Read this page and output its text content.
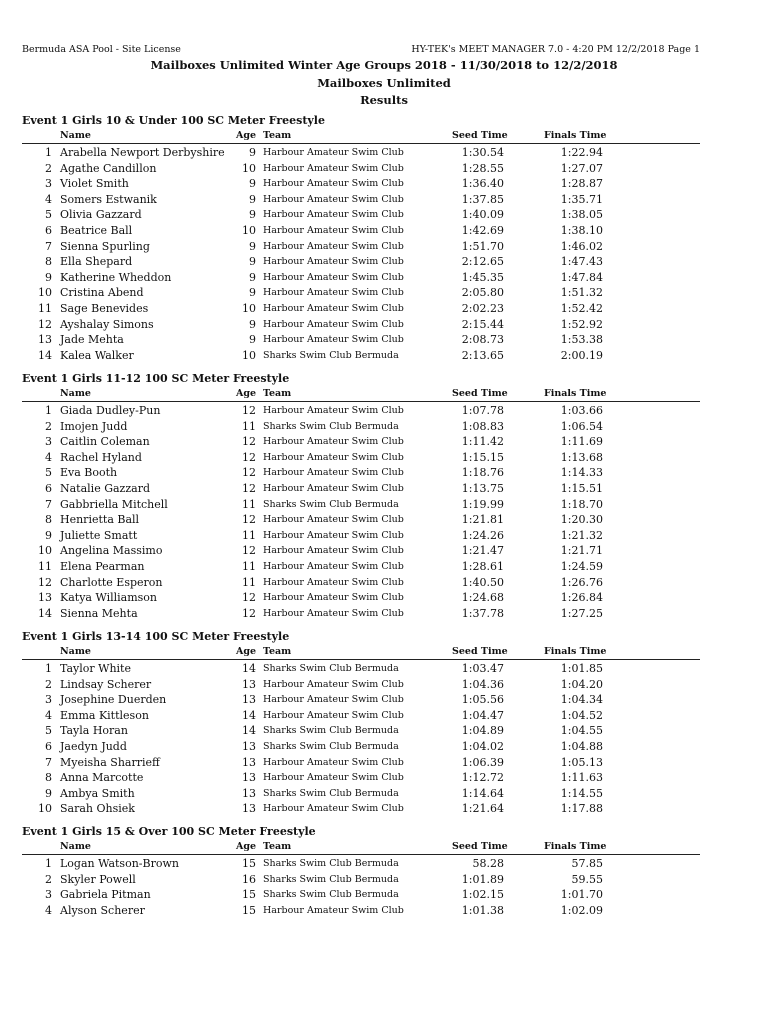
Bermuda ASA Pool - Site License	HY-TEK's MEET MANAGER 7.0 - 4:20 PM 12/2/2018 Page 1
Mailboxes Unlimited Winter Age Groups 2018 - 11/30/2018 to 12/2/2018
Mailboxes Unlimited
Results
Event 1 Girls 10 & Under 100 SC Meter Freestyle
Name	Age Team	Seed Time	Finals Time
1 Arabella Newport Derbyshire	9 Harbour Amateur Swim Club	1:30.54	1:22.94
2 Agathe Candillon	10 Harbour Amateur Swim Club	1:28.55	1:27.07
3 Violet Smith	9 Harbour Amateur Swim Club	1:36.40	1:28.87
4 Somers Estwanik	9 Harbour Amateur Swim Club	1:37.85	1:35.71
5 Olivia Gazzard	9 Harbour Amateur Swim Club	1:40.09	1:38.05
6 Beatrice Ball	10 Harbour Amateur Swim Club	1:42.69	1:38.10
7 Sienna Spurling	9 Harbour Amateur Swim Club	1:51.70	1:46.02
8 Ella Shepard	9 Harbour Amateur Swim Club	2:12.65	1:47.43
9 Katherine Wheddon	9 Harbour Amateur Swim Club	1:45.35	1:47.84
10 Cristina Abend	9 Harbour Amateur Swim Club	2:05.80	1:51.32
11 Sage Benevides	10 Harbour Amateur Swim Club	2:02.23	1:52.42
12 Ayshalay Simons	9 Harbour Amateur Swim Club	2:15.44	1:52.92
13 Jade Mehta	9 Harbour Amateur Swim Club	2:08.73	1:53.38
14 Kalea Walker	10 Sharks Swim Club Bermuda	2:13.65	2:00.19
Event 1 Girls 11-12 100 SC Meter Freestyle
Name	Age Team	Seed Time	Finals Time
1 Giada Dudley-Pun	12 Harbour Amateur Swim Club	1:07.78	1:03.66
2 Imojen Judd	11 Sharks Swim Club Bermuda	1:08.83	1:06.54
3 Caitlin Coleman	12 Harbour Amateur Swim Club	1:11.42	1:11.69
4 Rachel Hyland	12 Harbour Amateur Swim Club	1:15.15	1:13.68
5 Eva Booth	12 Harbour Amateur Swim Club	1:18.76	1:14.33
6 Natalie Gazzard	12 Harbour Amateur Swim Club	1:13.75	1:15.51
7 Gabbriella Mitchell	11 Sharks Swim Club Bermuda	1:19.99	1:18.70
8 Henrietta Ball	12 Harbour Amateur Swim Club	1:21.81	1:20.30
9 Juliette Smatt	11 Harbour Amateur Swim Club	1:24.26	1:21.32
10 Angelina Massimo	12 Harbour Amateur Swim Club	1:21.47	1:21.71
11 Elena Pearman	11 Harbour Amateur Swim Club	1:28.61	1:24.59
12 Charlotte Esperon	11 Harbour Amateur Swim Club	1:40.50	1:26.76
13 Katya Williamson	12 Harbour Amateur Swim Club	1:24.68	1:26.84
14 Sienna Mehta	12 Harbour Amateur Swim Club	1:37.78	1:27.25
Event 1 Girls 13-14 100 SC Meter Freestyle
Name	Age Team	Seed Time	Finals Time
1 Taylor White	14 Sharks Swim Club Bermuda	1:03.47	1:01.85
2 Lindsay Scherer	13 Harbour Amateur Swim Club	1:04.36	1:04.20
3 Josephine Duerden	13 Harbour Amateur Swim Club	1:05.56	1:04.34
4 Emma Kittleson	14 Harbour Amateur Swim Club	1:04.47	1:04.52
5 Tayla Horan	14 Sharks Swim Club Bermuda	1:04.89	1:04.55
6 Jaedyn Judd	13 Sharks Swim Club Bermuda	1:04.02	1:04.88
7 Myeisha Sharrieff	13 Harbour Amateur Swim Club	1:06.39	1:05.13
8 Anna Marcotte	13 Harbour Amateur Swim Club	1:12.72	1:11.63
9 Ambya Smith	13 Sharks Swim Club Bermuda	1:14.64	1:14.55
10 Sarah Ohsiek	13 Harbour Amateur Swim Club	1:21.64	1:17.88
Event 1 Girls 15 & Over 100 SC Meter Freestyle
Name	Age Team	Seed Time	Finals Time
1 Logan Watson-Brown	15 Sharks Swim Club Bermuda	58.28	57.85
2 Skyler Powell	16 Sharks Swim Club Bermuda	1:01.89	59.55
3 Gabriela Pitman	15 Sharks Swim Club Bermuda	1:02.15	1:01.70
4 Alyson Scherer	15 Harbour Amateur Swim Club	1:01.38	1:02.09
